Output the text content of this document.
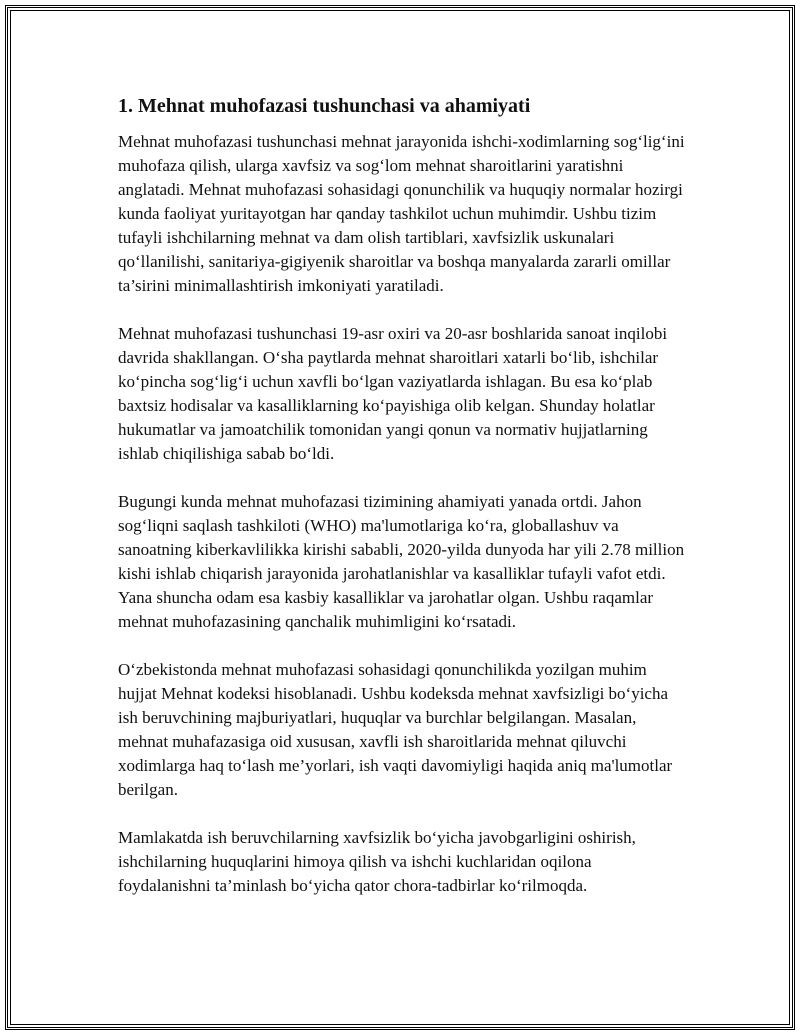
1. Mehnat muhofazasi tushunchasi va ahamiyati

Mehnat muhofazasi tushunchasi mehnat jarayonida ishchi-xodimlarning sog‘lig‘ini muhofaza qilish, ularga xavfsiz va sog‘lom mehnat sharoitlarini yaratishni anglatadi. Mehnat muhofazasi sohasidagi qonunchilik va huquqiy normalar hozirgi kunda faoliyat yuritayotgan har qanday tashkilot uchun muhimdir. Ushbu tizim tufayli ishchilarning mehnat va dam olish tartiblari, xavfsizlik uskunalari qo‘llanilishi, sanitariya-gigiyenik sharoitlar va boshqa manyalarda zararli omillar ta’sirini minimallashtirish imkoniyati yaratiladi.

Mehnat muhofazasi tushunchasi 19-asr oxiri va 20-asr boshlarida sanoat inqilobi davrida shakllangan. O‘sha paytlarda mehnat sharoitlari xatarli bo‘lib, ishchilar ko‘pincha sog‘lig‘i uchun xavfli bo‘lgan vaziyatlarda ishlagan. Bu esa ko‘plab baxtsiz hodisalar va kasalliklarning ko‘payishiga olib kelgan. Shunday holatlar hukumatlar va jamoatchilik tomonidan yangi qonun va normativ hujjatlarning ishlab chiqilishiga sabab bo‘ldi.

Bugungi kunda mehnat muhofazasi tizimining ahamiyati yanada ortdi. Jahon sog‘liqni saqlash tashkiloti (WHO) ma'lumotlariga ko‘ra, globallashuv va sanoatning kiberkavlilikka kirishi sababli, 2020-yilda dunyoda har yili 2.78 million kishi ishlab chiqarish jarayonida jarohatlanishlar va kasalliklar tufayli vafot etdi. Yana shuncha odam esa kasbiy kasalliklar va jarohatlar olgan. Ushbu raqamlar mehnat muhofazasining qanchalik muhimligini ko‘rsatadi.

O‘zbekistonda mehnat muhofazasi sohasidagi qonunchilikda yozilgan muhim hujjat Mehnat kodeksi hisoblanadi. Ushbu kodeksda mehnat xavfsizligi bo‘yicha ish beruvchining majburiyatlari, huquqlar va burchlar belgilangan. Masalan, mehnat muhafazasiga oid xususan, xavfli ish sharoitlarida mehnat qiluvchi xodimlarga haq to‘lash me’yorlari, ish vaqti davomiyligi haqida aniq ma'lumotlar berilgan.

Mamlakatda ish beruvchilarning xavfsizlik bo‘yicha javobgarligini oshirish, ishchilarning huquqlarini himoya qilish va ishchi kuchlaridan oqilona foydalanishni ta’minlash bo‘yicha qator chora-tadbirlar ko‘rilmoqda.
